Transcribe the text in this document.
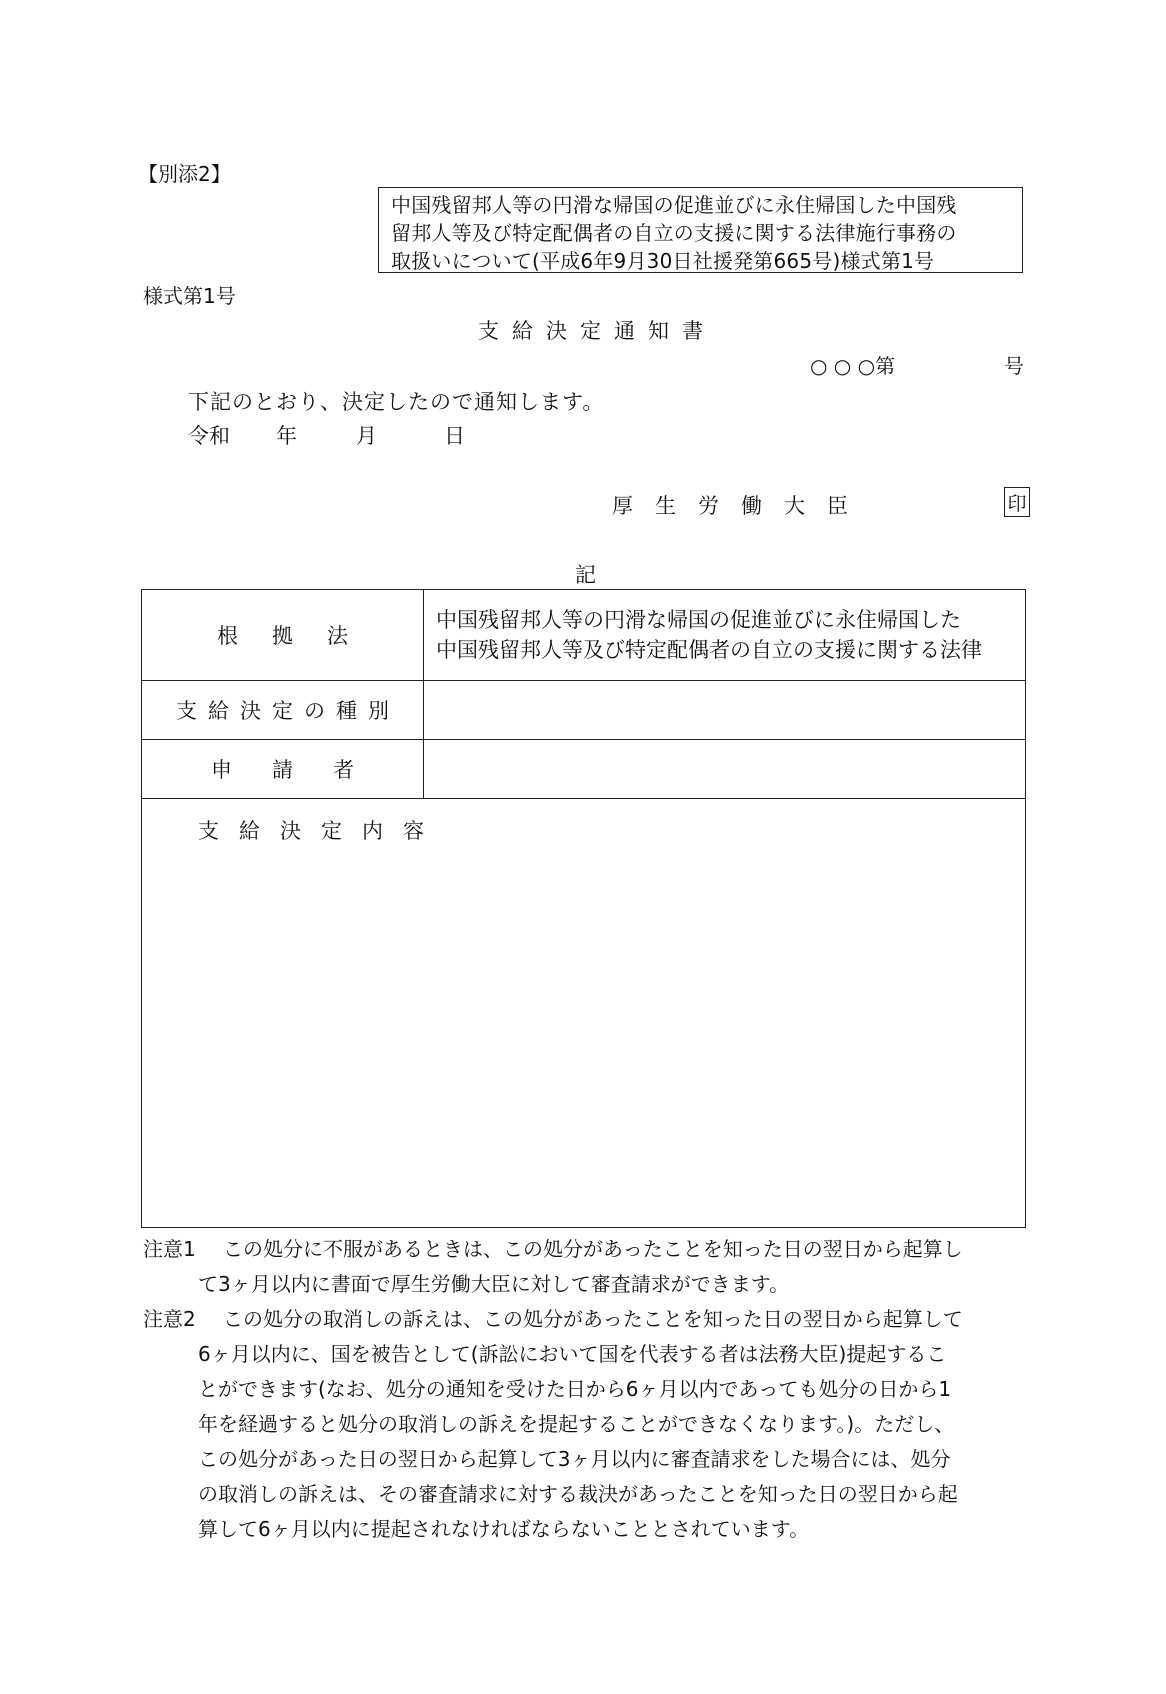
【別添2】
中国残留邦人等の円滑な帰国の促進並びに永住帰国した中国残
留邦人等及び特定配偶者の自立の支援に関する法律施行事務の
取扱いについて(平成6年9月30日社援発第665号)様式第1号
様式第1号
支給決定通知書
○ ○ ○第	号
下記のとおり、決定したので通知します。
令和 年	月	日
厚生労働大臣	印
記
根拠法	中国残留邦人等の円滑な帰国の促進並びに永住帰国した
中国残留邦人等及び特定配偶者の自立の支援に関する法律

支給決定の種別	
申請者	
支給決定内容	
注意1	この処分に不服があるときは、この処分があったことを知った日の翌日から起算し
て3ヶ月以内に書面で厚生労働大臣に対して審査請求ができます。
注意2	この処分の取消しの訴えは、この処分があったことを知った日の翌日から起算して
6ヶ月以内に、国を被告として(訴訟において国を代表する者は法務大臣)提起するこ
とができます(なお、処分の通知を受けた日から6ヶ月以内であっても処分の日から1
年を経過すると処分の取消しの訴えを提起することができなくなります。)。ただし、
この処分があった日の翌日から起算して3ヶ月以内に審査請求をした場合には、処分
の取消しの訴えは、その審査請求に対する裁決があったことを知った日の翌日から起
算して6ヶ月以内に提起されなければならないこととされています。
